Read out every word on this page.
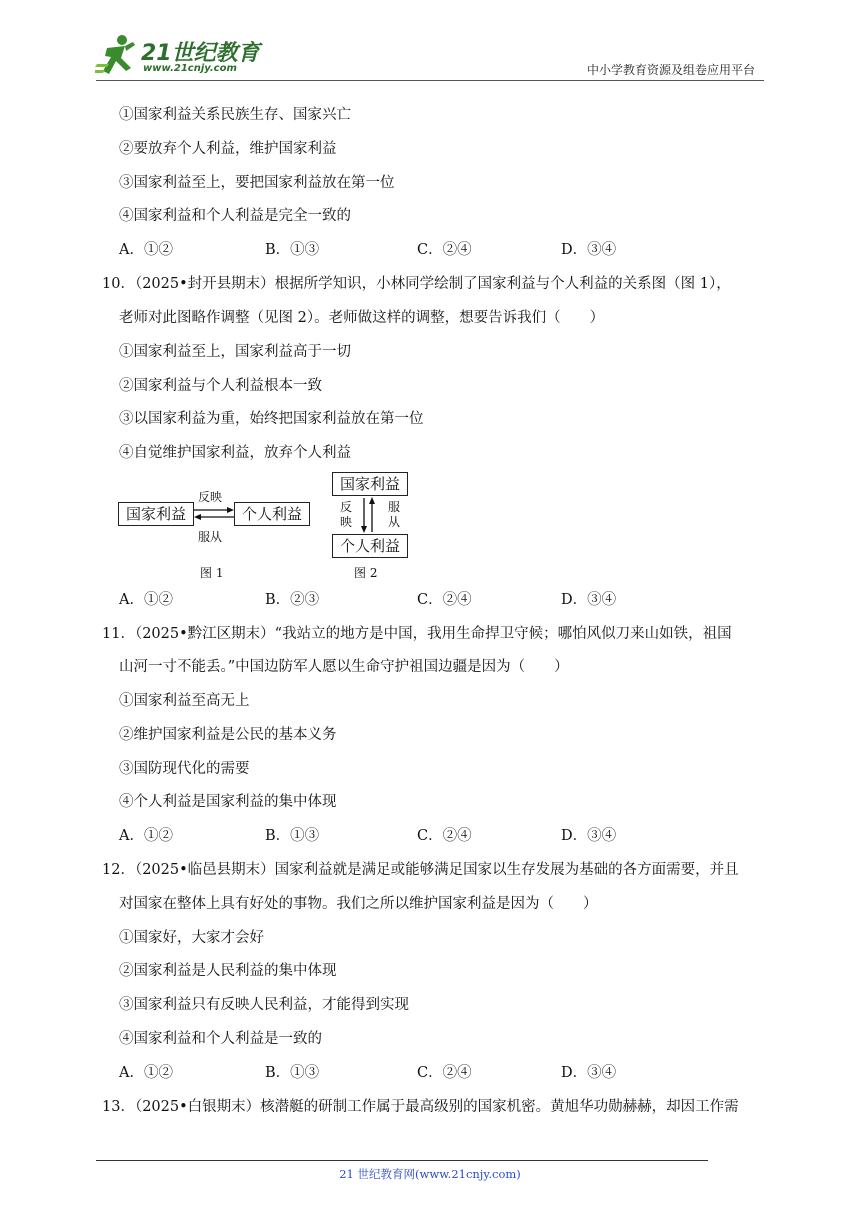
21世纪教育
www.21cnjy.com	中小学教育资源及组卷应用平台
①国家利益关系民族生存、国家兴亡
②要放弃个人利益，维护国家利益
③国家利益至上，要把国家利益放在第一位
④国家利益和个人利益是完全一致的
A．①②	B．①③	C．②④	D．③④
10．（2025•封开县期末）根据所学知识，小林同学绘制了国家利益与个人利益的关系图（图 1），
老师对此图略作调整（见图 2）。老师做这样的调整，想要告诉我们（　　）
①国家利益至上，国家利益高于一切
②国家利益与个人利益根本一致
③以国家利益为重，始终把国家利益放在第一位
④自觉维护国家利益，放弃个人利益
国家利益	个人利益
反映
服从
图 1
国家利益
个人利益
反
映
服
从
图 2
A．①②	B．②③	C．②④	D．③④
11．（2025•黔江区期末）“我站立的地方是中国，我用生命捍卫守候；哪怕风似刀来山如铁，祖国
山河一寸不能丢。”中国边防军人愿以生命守护祖国边疆是因为（　　）
①国家利益至高无上
②维护国家利益是公民的基本义务
③国防现代化的需要
④个人利益是国家利益的集中体现
A．①②	B．①③	C．②④	D．③④
12．（2025•临邑县期末）国家利益就是满足或能够满足国家以生存发展为基础的各方面需要，并且
对国家在整体上具有好处的事物。我们之所以维护国家利益是因为（　　）
①国家好，大家才会好
②国家利益是人民利益的集中体现
③国家利益只有反映人民利益，才能得到实现
④国家利益和个人利益是一致的
A．①②	B．①③	C．②④	D．③④
13．（2025•白银期末）核潜艇的研制工作属于最高级别的国家机密。黄旭华功勋赫赫，却因工作需
21 世纪教育网(www.21cnjy.com)
